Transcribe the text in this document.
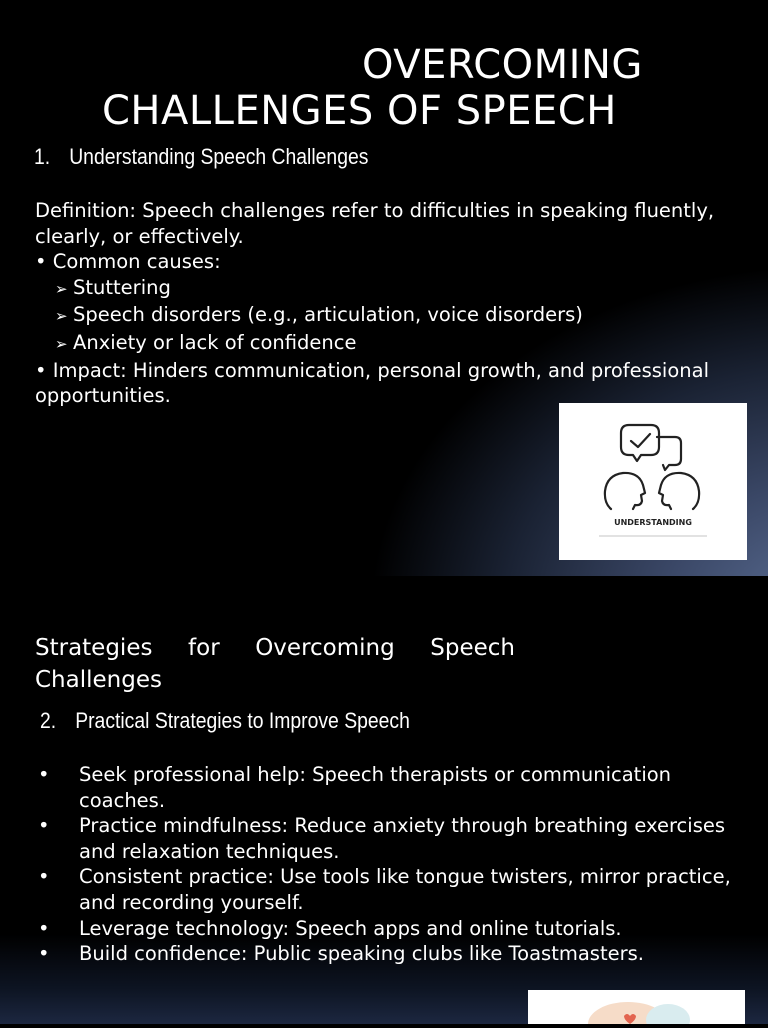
OVERCOMING
CHALLENGES OF SPEECH
1. Understanding Speech Challenges
Definition: Speech challenges refer to difficulties in speaking fluently, clearly, or effectively.
• Common causes:
➢ Stuttering
➢ Speech disorders (e.g., articulation, voice disorders)
➢ Anxiety or lack of confidence
• Impact: Hinders communication, personal growth, and professional opportunities.
UNDERSTANDING
Strategies for Overcoming Speech
Challenges
2. Practical Strategies to Improve Speech
• Seek professional help: Speech therapists or communication coaches.
• Practice mindfulness: Reduce anxiety through breathing exercises and relaxation techniques.
• Consistent practice: Use tools like tongue twisters, mirror practice, and recording yourself.
• Leverage technology: Speech apps and online tutorials.
• Build confidence: Public speaking clubs like Toastmasters.
